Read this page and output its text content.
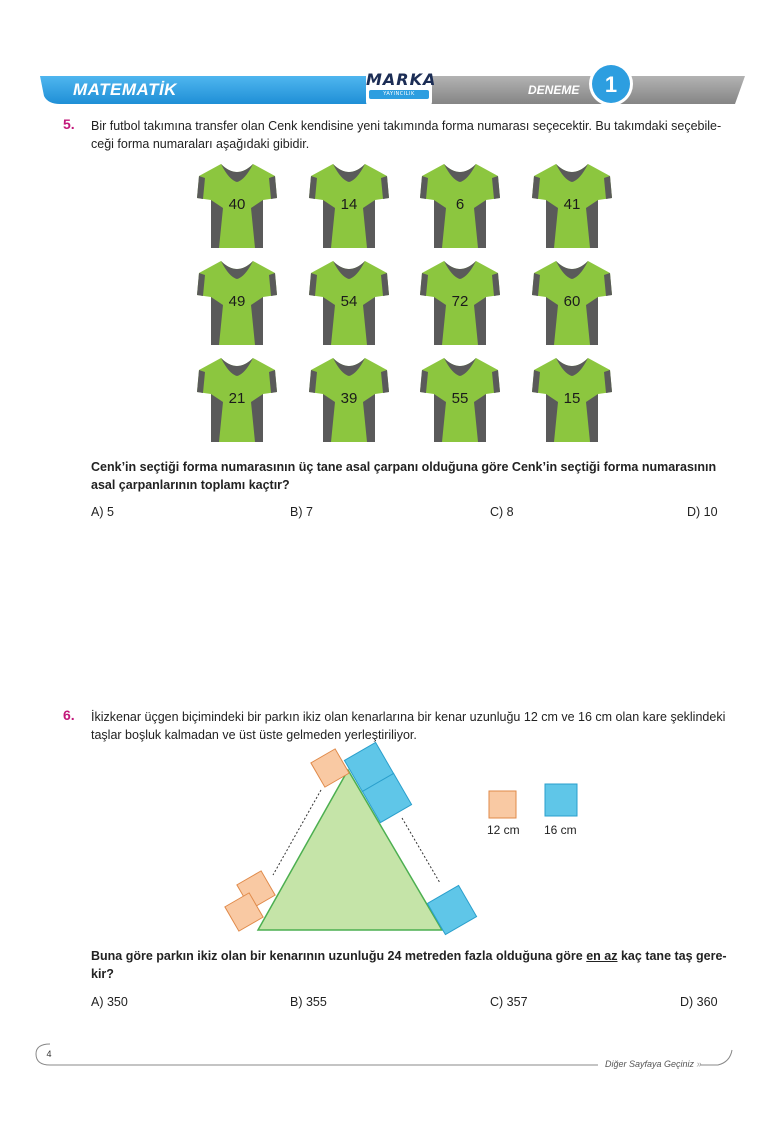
MATEMATİK
MARKA
YAYINCILIK	DENEME	1
5. Bir futbol takımına transfer olan Cenk kendisine yeni takımında forma numarası seçecektir. Bu takımdaki seçebile-
ceği forma numaraları aşağıdaki gibidir.
40	14	6	41
49	54	72	60
21	39	55	15
Cenk’in seçtiği forma numarasının üç tane asal çarpanı olduğuna göre Cenk’in seçtiği forma numarasının
asal çarpanlarının toplamı kaçtır?
A) 5	B) 7	C) 8	D) 10
6. İkizkenar üçgen biçimindeki bir parkın ikiz olan kenarlarına bir kenar uzunluğu 12 cm ve 16 cm olan kare şeklindeki
taşlar boşluk kalmadan ve üst üste gelmeden yerleştiriliyor.
12 cm 16 cm
Buna göre parkın ikiz olan bir kenarının uzunluğu 24 metreden fazla olduğuna göre en az kaç tane taş gere-
kir?
A) 350	B) 355	C) 357	D) 360
4
Diğer Sayfaya Geçiniz »
